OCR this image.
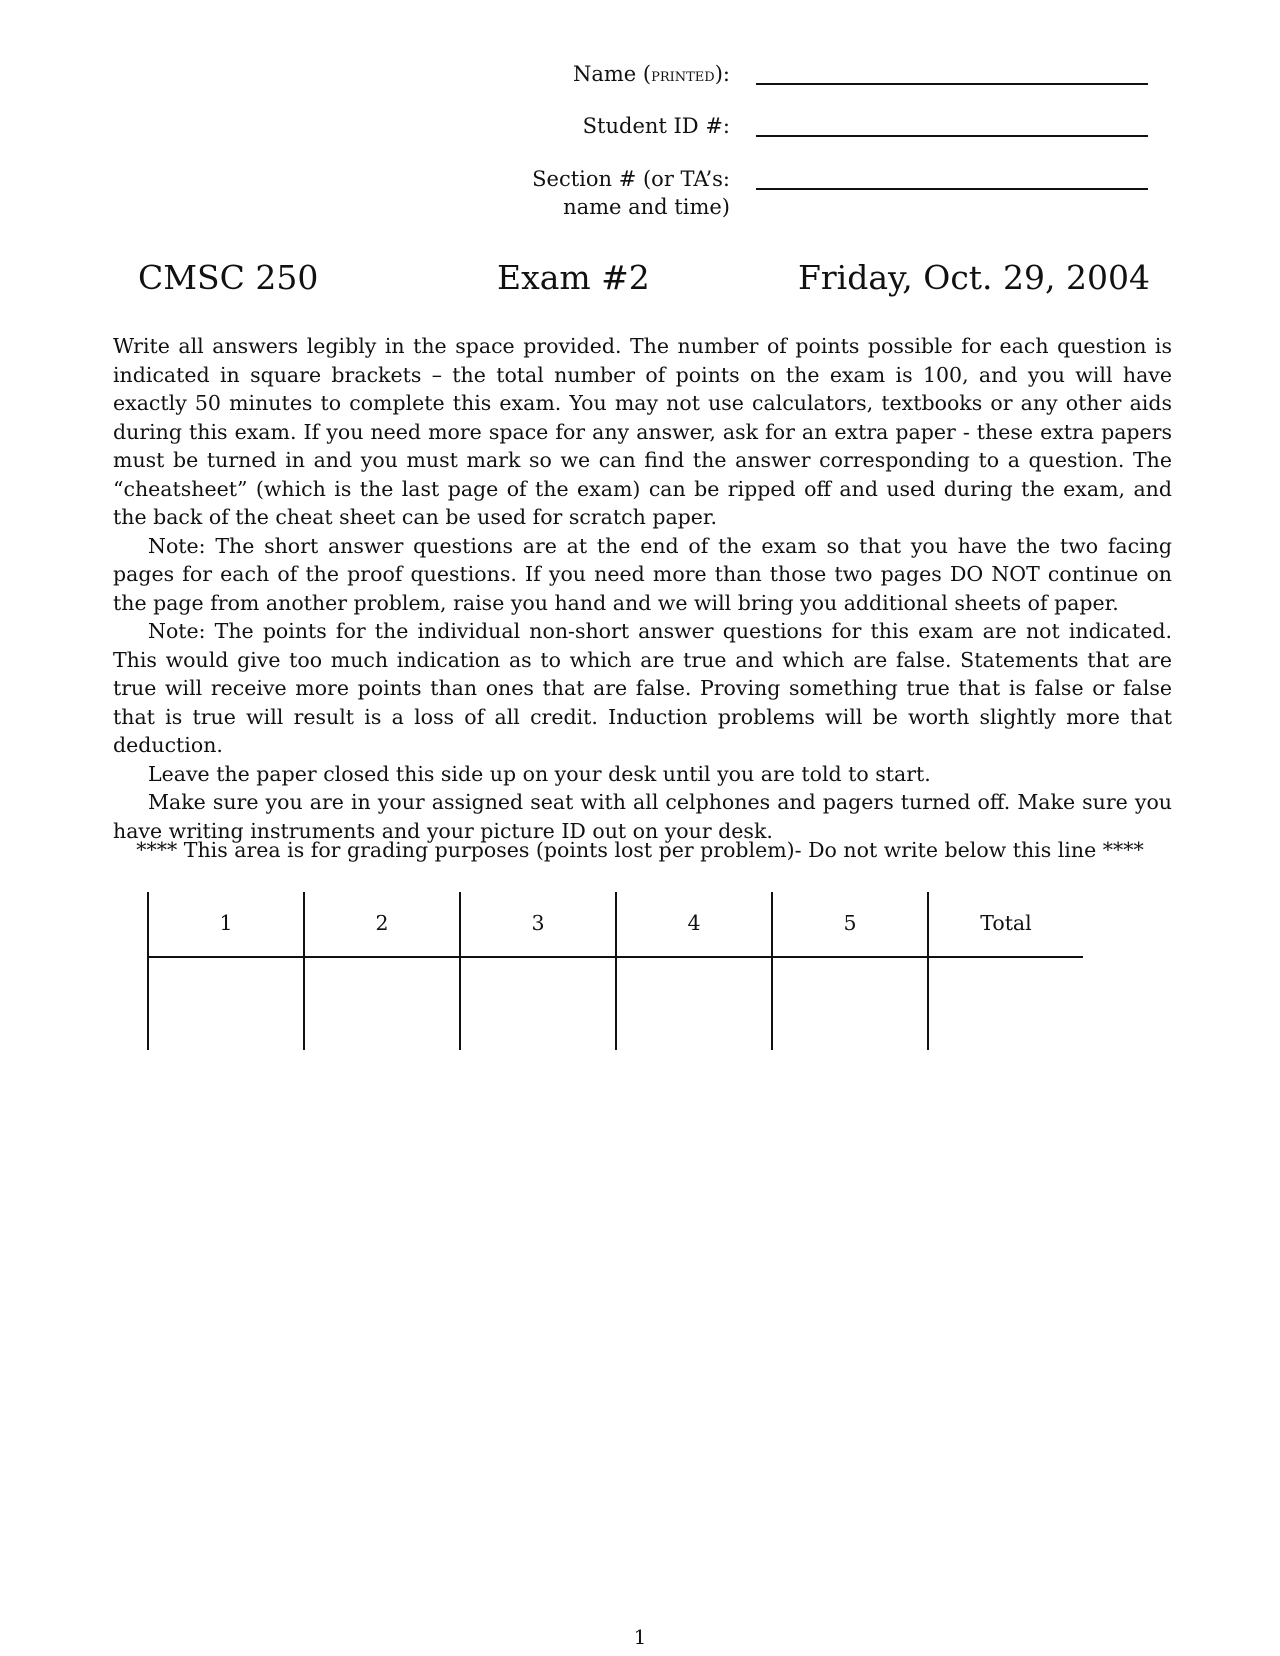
Name (printed):
Student ID #:
Section # (or TA’s:
name and time)
CMSC 250	Exam #2	Friday, Oct. 29, 2004

Write all answers legibly in the space provided. The number of points possible for each question is indicated in square brackets – the total number of points on the exam is 100, and you will have exactly 50 minutes to complete this exam. You may not use calculators, textbooks or any other aids during this exam. If you need more space for any answer, ask for an extra paper - these extra papers must be turned in and you must mark so we can find the answer corresponding to a question. The “cheatsheet” (which is the last page of the exam) can be ripped off and used during the exam, and the back of the cheat sheet can be used for scratch paper.

Note: The short answer questions are at the end of the exam so that you have the two facing pages for each of the proof questions. If you need more than those two pages DO NOT continue on the page from another problem, raise you hand and we will bring you additional sheets of paper.

Note: The points for the individual non-short answer questions for this exam are not indicated. This would give too much indication as to which are true and which are false. Statements that are true will receive more points than ones that are false. Proving something true that is false or false that is true will result is a loss of all credit. Induction problems will be worth slightly more that deduction.

Leave the paper closed this side up on your desk until you are told to start.

Make sure you are in your assigned seat with all celphones and pagers turned off. Make sure you have writing instruments and your picture ID out on your desk.

**** This area is for grading purposes (points lost per problem)- Do not write below this line ****
1	2	3	4	5	Total
1
